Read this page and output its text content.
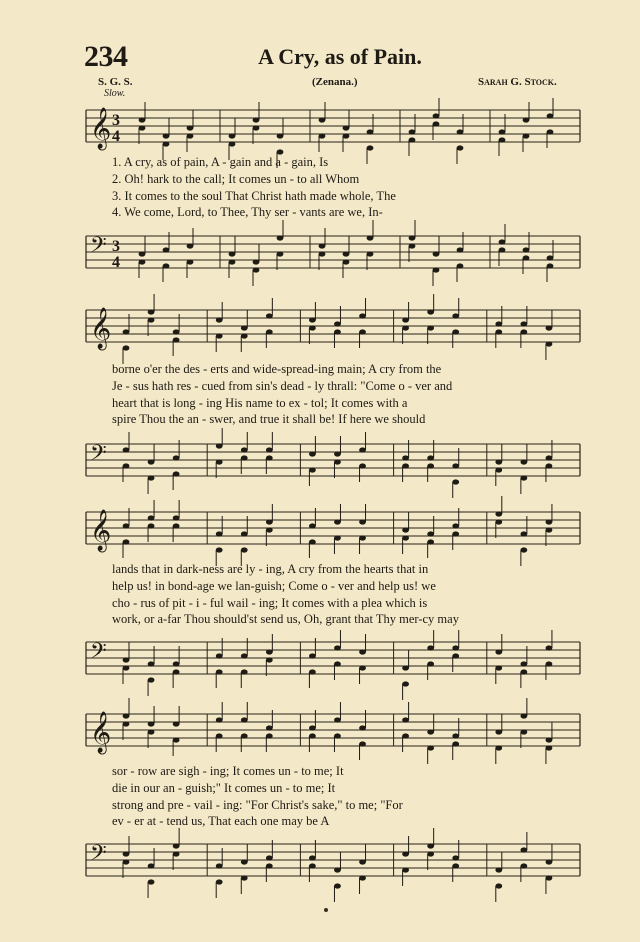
234	A Cry, as of Pain.
S. G. S.	(Zenana.)	Sarah G. Stock.
Slow.
𝄞 3
4
1. A cry, as of pain, A - gain and a - gain, Is
2. Oh! hark to the call; It comes un - to all Whom
3. It comes to the soul That Christ hath made whole, The
4. We come, Lord, to Thee, Thy ser - vants are we, In-
𝄢 3
4
𝄞
borne o'er the des - erts and wide-spread-ing main; A cry from the
Je - sus hath res - cued from sin's dead - ly thrall: "Come o - ver and
heart that is long - ing His name to ex - tol; It comes with a
spire Thou the an - swer, and true it shall be! If here we should
𝄢
𝄞
lands that in dark-ness are ly - ing, A cry from the hearts that in
help us! in bond-age we lan-guish; Come o - ver and help us! we
cho - rus of pit - i - ful wail - ing; It comes with a plea which is
work, or a-far Thou should'st send us, Oh, grant that Thy mer-cy may
𝄢
𝄞
sor - row are sigh - ing; It comes un - to me; It
die in our an - guish;" It comes un - to me; It
strong and pre - vail - ing: "For Christ's sake," to me; "For
ev - er at - tend us, That each one may be A
𝄢
